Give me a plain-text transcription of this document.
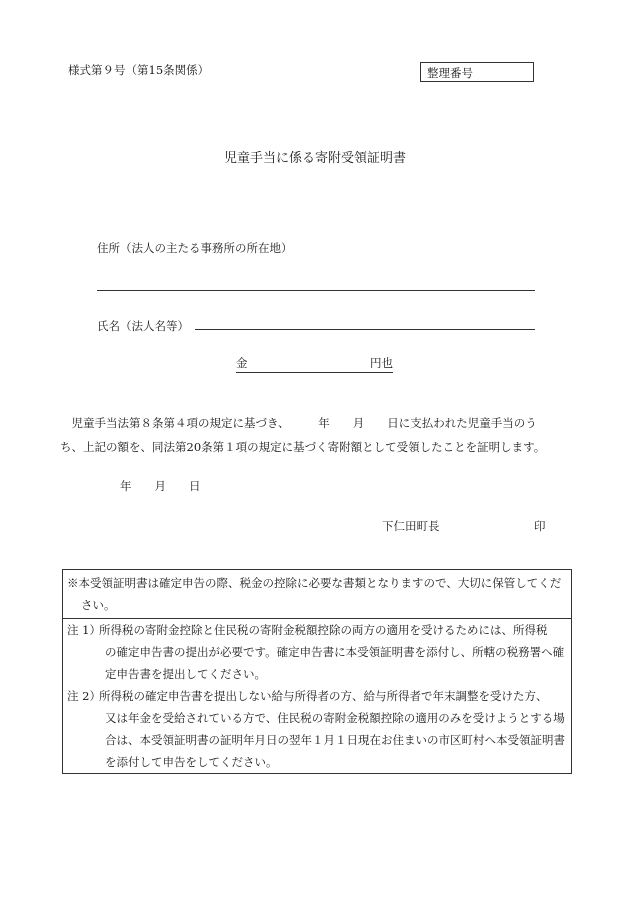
様式第９号（第15条関係）	整理番号
児童手当に係る寄附受領証明書
住所（法人の主たる事務所の所在地）
氏名（法人名等）
金	円也

　児童手当法第８条第４項の規定に基づき、　　　年　　月　　日に支払われた児童手当のう

ち、上記の額を、同法第20条第１項の規定に基づく寄附額として受領したことを証明します。

年　　月　　日
下仁田町長	印
※本受領証明書は確定申告の際、税金の控除に必要な書類となりますので、大切に保管してくだ
さい。
注 1）
所得税の寄附金控除と住民税の寄附金税額控除の両方の適用を受けるためには、所得税
の確定申告書の提出が必要です。確定申告書に本受領証明書を添付し、所轄の税務署へ確
定申告書を提出してください。
注 2）
所得税の確定申告書を提出しない給与所得者の方、給与所得者で年末調整を受けた方、
又は年金を受給されている方で、住民税の寄附金税額控除の適用のみを受けようとする場
合は、本受領証明書の証明年月日の翌年１月１日現在お住まいの市区町村へ本受領証明書
を添付して申告をしてください。
